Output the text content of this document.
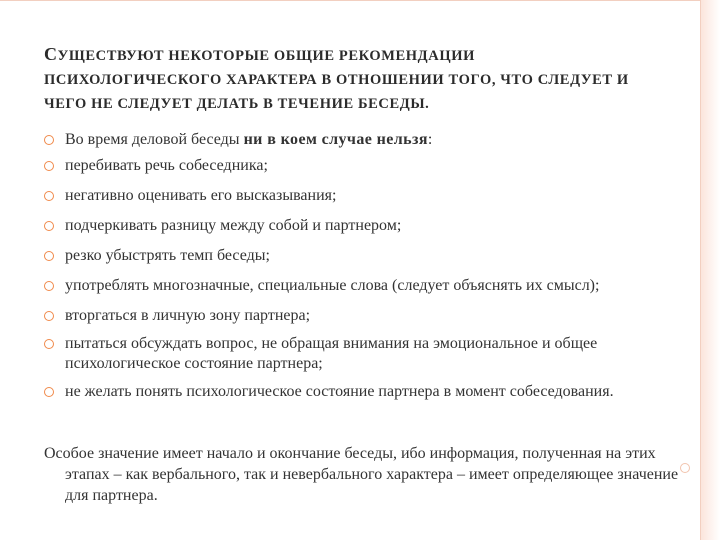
СУЩЕСТВУЮТ НЕКОТОРЫЕ ОБЩИЕ РЕКОМЕНДАЦИИ
ПСИХОЛОГИЧЕСКОГО ХАРАКТЕРА В ОТНОШЕНИИ ТОГО, ЧТО СЛЕДУЕТ И
ЧЕГО НЕ СЛЕДУЕТ ДЕЛАТЬ В ТЕЧЕНИЕ БЕСЕДЫ.
Во время деловой беседы ни в коем случае нельзя:
перебивать речь собеседника;
негативно оценивать его высказывания;
подчеркивать разницу между собой и партнером;
резко убыстрять темп беседы;
употреблять многозначные, специальные слова (следует объяснять их смысл);
вторгаться в личную зону партнера;
пытаться обсуждать вопрос, не обращая внимания на эмоциональное и общее психологическое состояние партнера;
не желать понять психологическое состояние партнера в момент собеседования.

Особое значение имеет начало и окончание беседы, ибо информация, полученная на этих этапах – как вербального, так и невербального характера – имеет определяющее значение для партнера.
